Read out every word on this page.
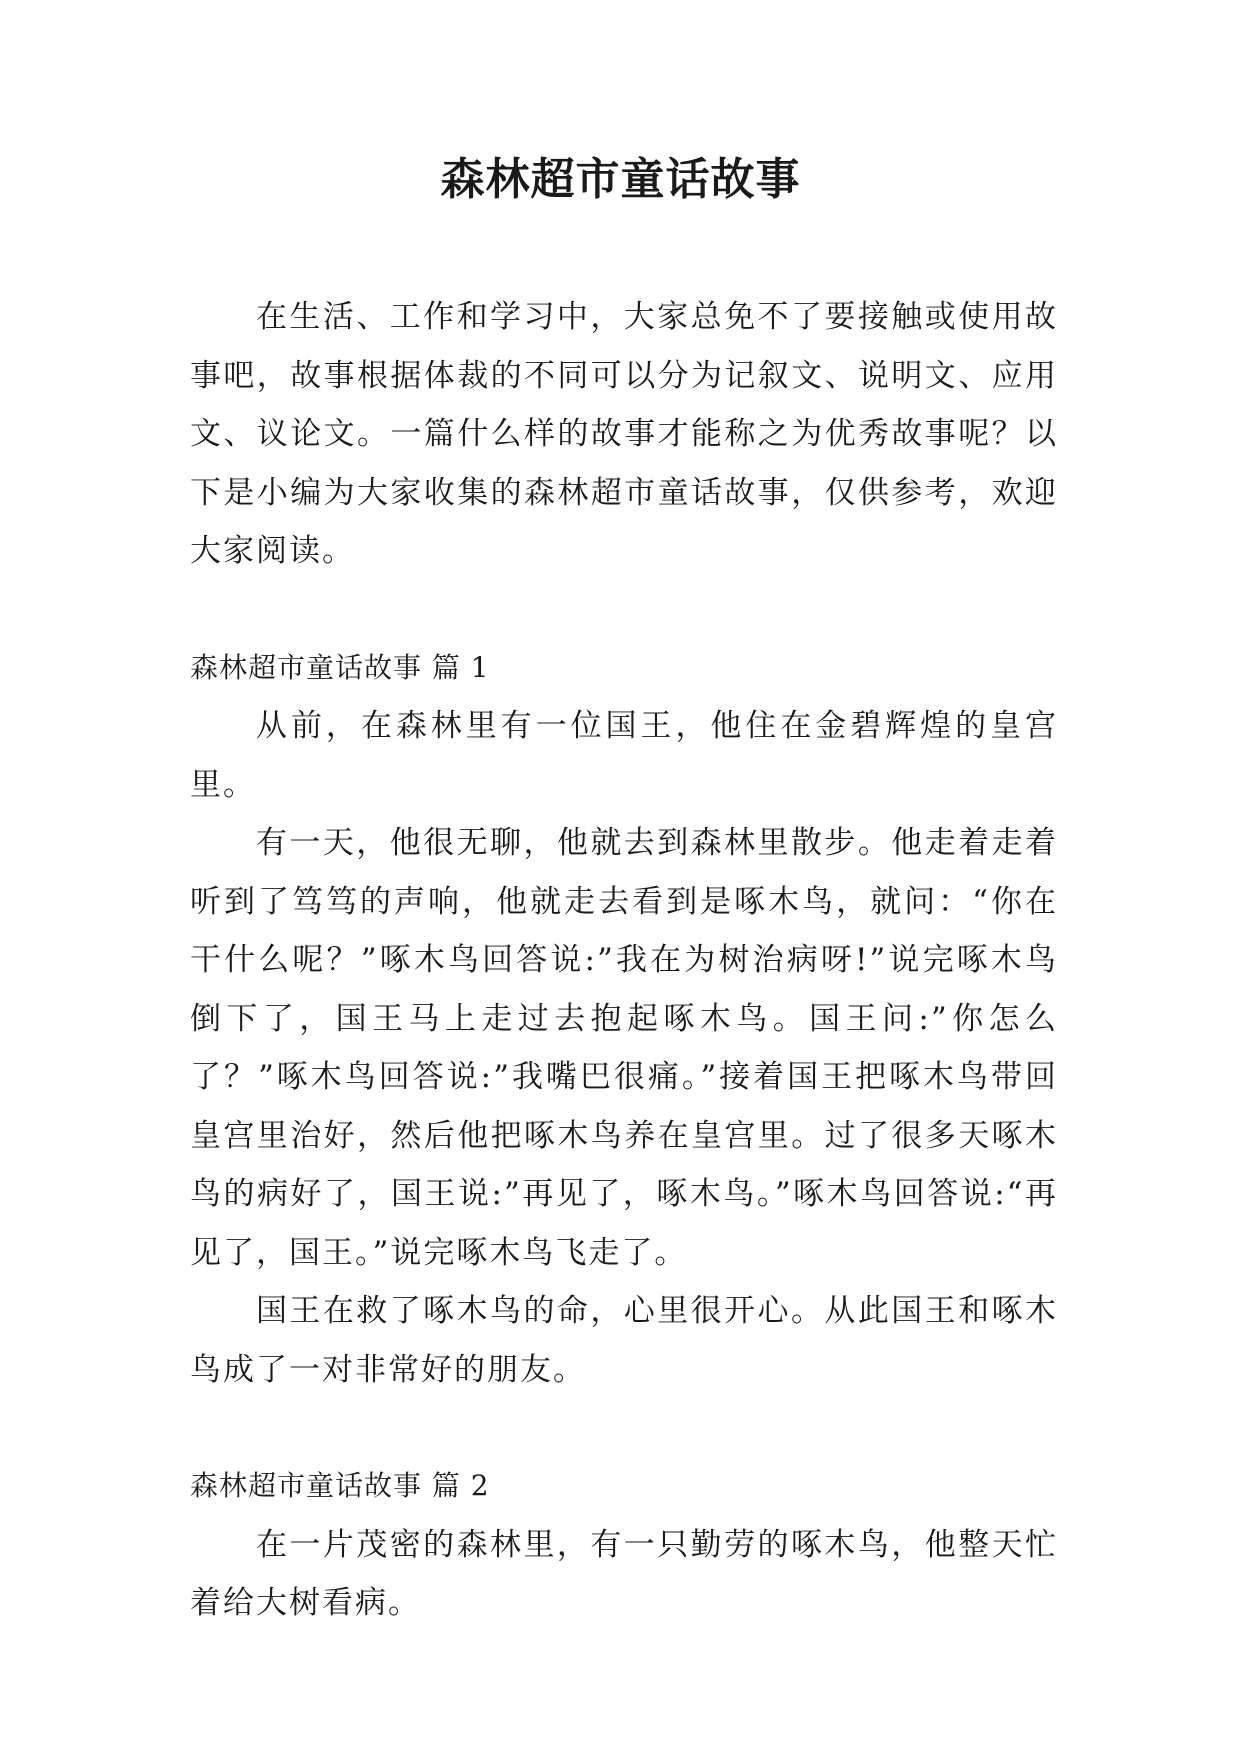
森林超市童话故事

在生活、工作和学习中，大家总免不了要接触或使用故事吧，故事根据体裁的不同可以分为记叙文、说明文、应用文、议论文。一篇什么样的故事才能称之为优秀故事呢？以下是小编为大家收集的森林超市童话故事，仅供参考，欢迎大家阅读。

森林超市童话故事 篇 1

从前，在森林里有一位国王，他住在金碧辉煌的皇宫里。

有一天，他很无聊，他就去到森林里散步。他走着走着听到了笃笃的声响，他就走去看到是啄木鸟，就问：“你在干什么呢？”啄木鸟回答说:”我在为树治病呀!”说完啄木鸟倒下了，国王马上走过去抱起啄木鸟。国王问:”你怎么了？”啄木鸟回答说:”我嘴巴很痛。”接着国王把啄木鸟带回皇宫里治好，然后他把啄木鸟养在皇宫里。过了很多天啄木鸟的病好了，国王说:”再见了，啄木鸟。”啄木鸟回答说:“再见了，国王。”说完啄木鸟飞走了。

国王在救了啄木鸟的命，心里很开心。从此国王和啄木鸟成了一对非常好的朋友。

森林超市童话故事 篇 2

在一片茂密的森林里，有一只勤劳的啄木鸟，他整天忙着给大树看病。
